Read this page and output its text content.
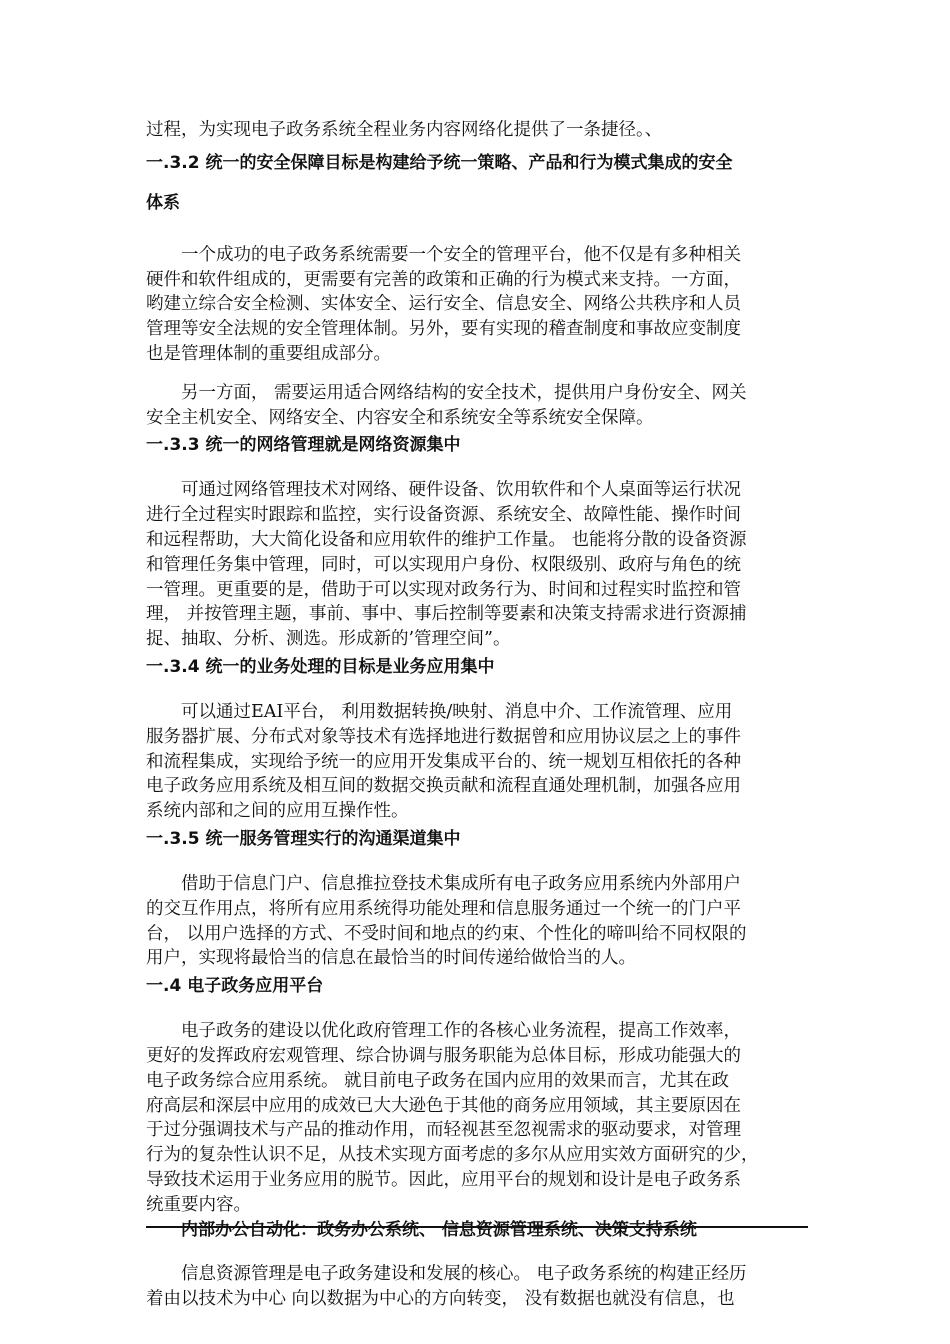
过程，为实现电子政务系统全程业务内容网络化提供了一条捷径。、

一.3.2 统一的安全保障目标是构建给予统一策略、产品和行为模式集成的安全
体系

一个成功的电子政务系统需要一个安全的管理平台，他不仅是有多种相关
硬件和软件组成的，更需要有完善的政策和正确的行为模式来支持。一方面，
哟建立综合安全检测、实体安全、运行安全、信息安全、网络公共秩序和人员
管理等安全法规的安全管理体制。另外，要有实现的稽查制度和事故应变制度
也是管理体制的重要组成部分。

另一方面， 需要运用适合网络结构的安全技术，提供用户身份安全、网关
安全主机安全、网络安全、内容安全和系统安全等系统安全保障。

一.3.3 统一的网络管理就是网络资源集中

可通过网络管理技术对网络、硬件设备、饮用软件和个人桌面等运行状况
进行全过程实时跟踪和监控，实行设备资源、系统安全、故障性能、操作时间
和远程帮助，大大简化设备和应用软件的维护工作量。 也能将分散的设备资源
和管理任务集中管理，同时，可以实现用户身份、权限级别、政府与角色的统
一管理。更重要的是，借助于可以实现对政务行为、时间和过程实时监控和管
理， 并按管理主题，事前、事中、事后控制等要素和决策支持需求进行资源捕
捉、抽取、分析、测选。形成新的’管理空间”。

一.3.4 统一的业务处理的目标是业务应用集中

可以通过EAI平台， 利用数据转换/映射、消息中介、工作流管理、应用
服务器扩展、分布式对象等技术有选择地进行数据曾和应用协议层之上的事件
和流程集成，实现给予统一的应用开发集成平台的、统一规划互相依托的各种
电子政务应用系统及相互间的数据交换贡献和流程直通处理机制，加强各应用
系统内部和之间的应用互操作性。

一.3.5 统一服务管理实行的沟通渠道集中

借助于信息门户、信息推拉登技术集成所有电子政务应用系统内外部用户
的交互作用点，将所有应用系统得功能处理和信息服务通过一个统一的门户平
台， 以用户选择的方式、不受时间和地点的约束、个性化的啼叫给不同权限的
用户，实现将最恰当的信息在最恰当的时间传递给做恰当的人。

一.4 电子政务应用平台

电子政务的建设以优化政府管理工作的各核心业务流程，提高工作效率，
更好的发挥政府宏观管理、综合协调与服务职能为总体目标，形成功能强大的
电子政务综合应用系统。 就目前电子政务在国内应用的效果而言，尤其在政
府高层和深层中应用的成效已大大逊色于其他的商务应用领域，其主要原因在
于过分强调技术与产品的推动作用，而轻视甚至忽视需求的驱动要求，对管理
行为的复杂性认识不足，从技术实现方面考虑的多尔从应用实效方面研究的少，
导致技术运用于业务应用的脱节。因此，应用平台的规划和设计是电子政务系
统重要内容。

内部办公自动化：政务办公系统、 信息资源管理系统、决策支持系统

信息资源管理是电子政务建设和发展的核心。 电子政务系统的构建正经历
着由以技术为中心 向以数据为中心的方向转变， 没有数据也就没有信息，也
